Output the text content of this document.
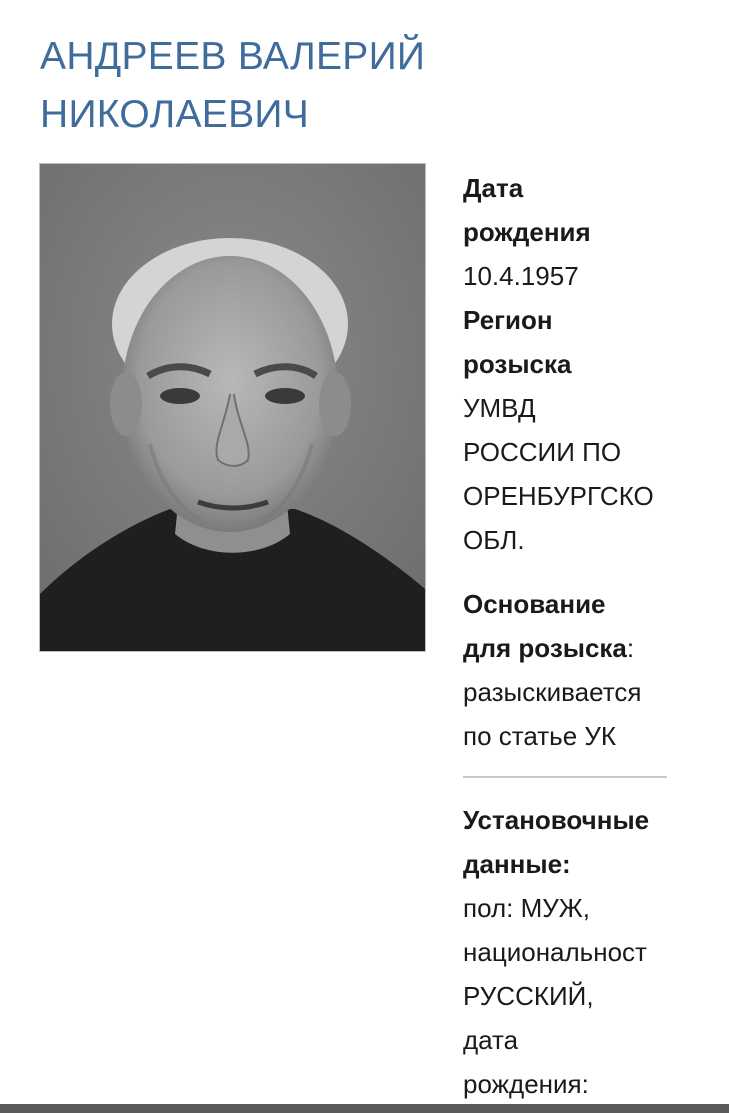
АНДРЕЕВ ВАЛЕРИЙ
НИКОЛАЕВИЧ
Дата
рождения
10.4.1957
Регион
розыска
УМВД
РОССИИ ПО
ОРЕНБУРГСКО
ОБЛ.
Основание
для розыска:
разыскивается
по статье УК
Установочные
данные:
пол: МУЖ,
национальност
РУССКИЙ,
дата
рождения:
